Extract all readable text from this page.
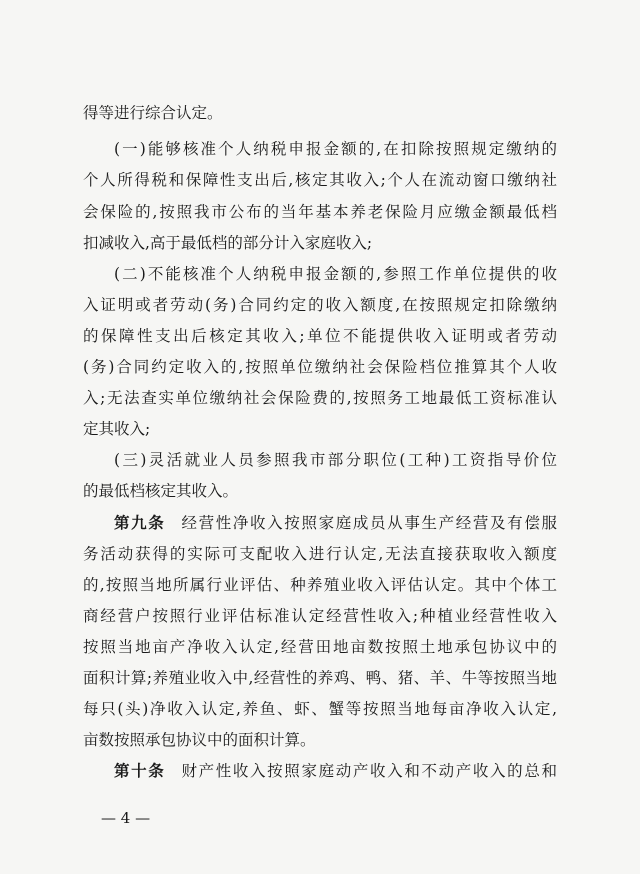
得等进行综合认定。
(一)能够核准个人纳税申报金额的,在扣除按照规定缴纳的
个人所得税和保障性支出后,核定其收入;个人在流动窗口缴纳社
会保险的,按照我市公布的当年基本养老保险月应缴金额最低档
扣减收入,高于最低档的部分计入家庭收入;
(二)不能核准个人纳税申报金额的,参照工作单位提供的收
入证明或者劳动(务)合同约定的收入额度,在按照规定扣除缴纳
的保障性支出后核定其收入;单位不能提供收入证明或者劳动
(务)合同约定收入的,按照单位缴纳社会保险档位推算其个人收
入;无法查实单位缴纳社会保险费的,按照务工地最低工资标准认
定其收入;
(三)灵活就业人员参照我市部分职位(工种)工资指导价位
的最低档核定其收入。
第九条 经营性净收入按照家庭成员从事生产经营及有偿服
务活动获得的实际可支配收入进行认定,无法直接获取收入额度
的,按照当地所属行业评估、种养殖业收入评估认定。其中个体工
商经营户按照行业评估标准认定经营性收入;种植业经营性收入
按照当地亩产净收入认定,经营田地亩数按照土地承包协议中的
面积计算;养殖业收入中,经营性的养鸡、鸭、猪、羊、牛等按照当地
每只(头)净收入认定,养鱼、虾、蟹等按照当地每亩净收入认定,
亩数按照承包协议中的面积计算。
第十条 财产性收入按照家庭动产收入和不动产收入的总和
— 4 —
